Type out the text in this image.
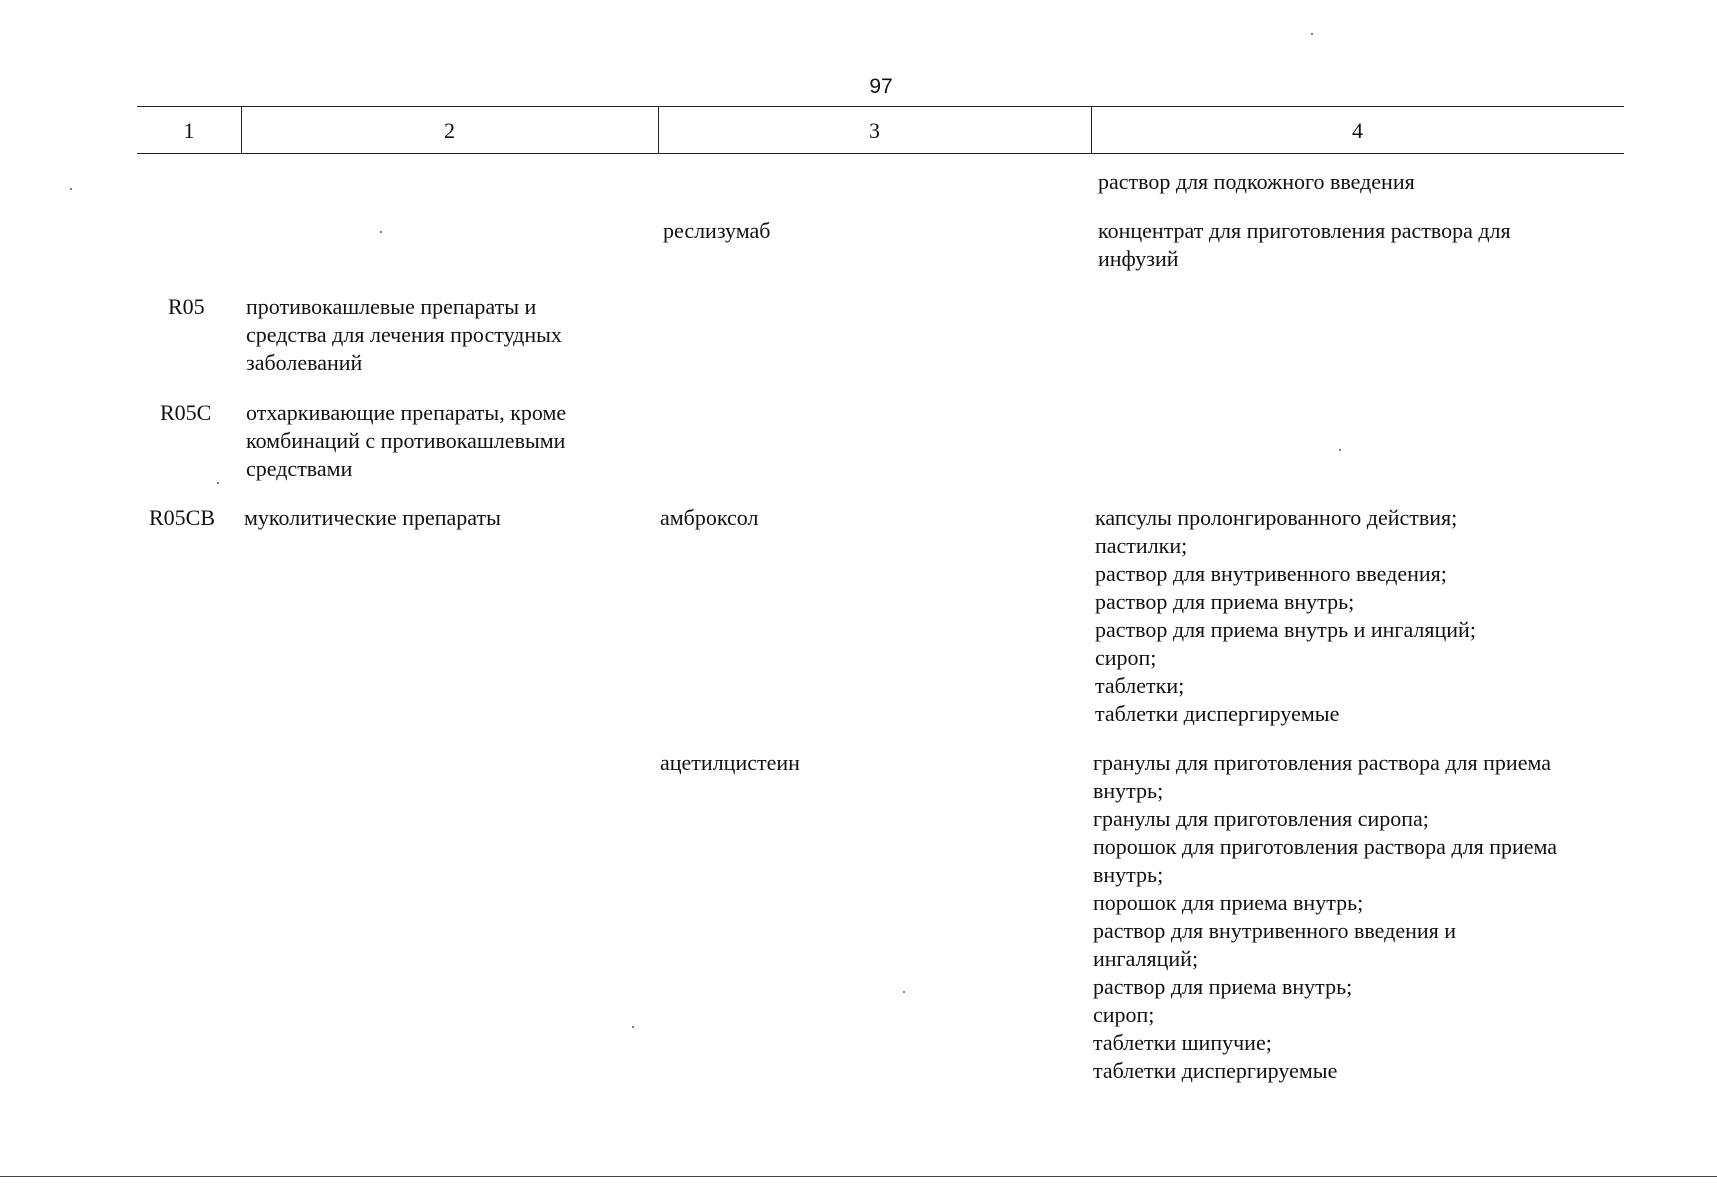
97
1	2	3	4
раствор для подкожного введения
реслизумаб	концентрат для приготовления раствора для
инфузий
R05 противокашлевые препараты и
средства для лечения простудных
заболеваний
R05C отхаркивающие препараты, кроме
комбинаций с противокашлевыми
средствами
R05CB муколитические препараты	амброксол	капсулы пролонгированного действия;
пастилки;
раствор для внутривенного введения;
раствор для приема внутрь;
раствор для приема внутрь и ингаляций;
сироп;
таблетки;
таблетки диспергируемые
ацетилцистеин	гранулы для приготовления раствора для приема
внутрь;
гранулы для приготовления сиропа;
порошок для приготовления раствора для приема
внутрь;
порошок для приема внутрь;
раствор для внутривенного введения и
ингаляций;
раствор для приема внутрь;
сироп;
таблетки шипучие;
таблетки диспергируемые
